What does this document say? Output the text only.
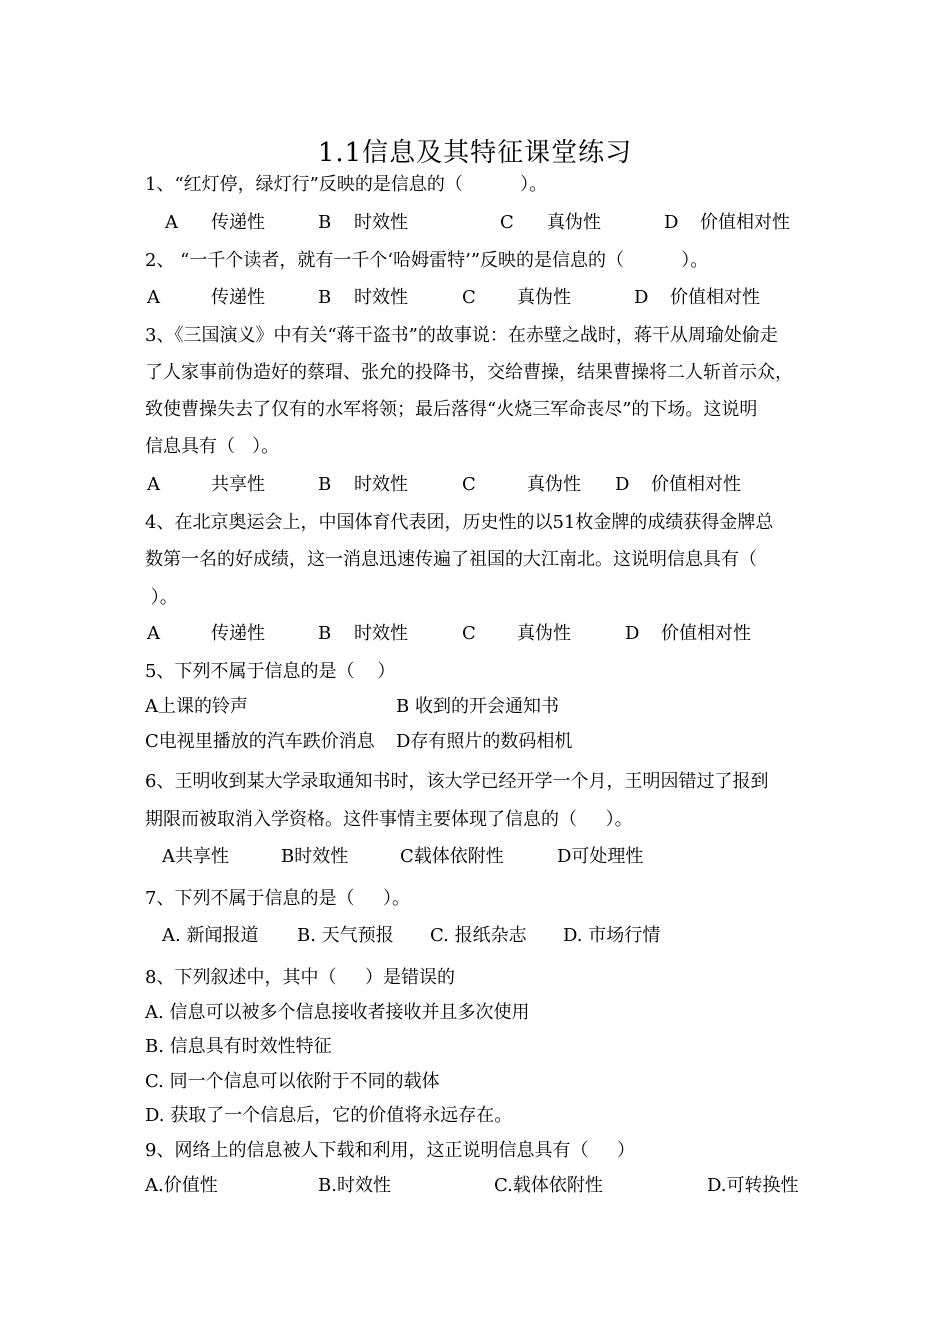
1.1信息及其特征课堂练习
1、“红灯停，绿灯行”反映的是信息的（          ）。
A 传递性	B 时效性	C 真伪性	D 价值相对性
2、 “一千个读者，就有一千个‘哈姆雷特’”反映的是信息的（          ）。
A	传递性	B 时效性	C 真伪性	D 价值相对性
3、《三国演义》中有关“蒋干盗书”的故事说：在赤壁之战时，蒋干从周瑜处偷走
了人家事前伪造好的蔡瑁、张允的投降书，交给曹操，结果曹操将二人斩首示众，
致使曹操失去了仅有的水军将领；最后落得“火烧三军命丧尽”的下场。这说明
信息具有（   ）。
A	共享性	B 时效性	C	真伪性 D 价值相对性
4、在北京奥运会上，中国体育代表团，历史性的以51枚金牌的成绩获得金牌总
数第一名的好成绩，这一消息迅速传遍了祖国的大江南北。这说明信息具有（
）。
A	传递性	B 时效性	C 真伪性	D 价值相对性
5、下列不属于信息的是（    ）
A上课的铃声	B 收到的开会通知书
C电视里播放的汽车跌价消息 D存有照片的数码相机
6、王明收到某大学录取通知书时，该大学已经开学一个月，王明因错过了报到
期限而被取消入学资格。这件事情主要体现了信息的（     ）。
A共享性	B时效性	C载体依附性	D可处理性
7、下列不属于信息的是（     ）。
A. 新闻报道 B. 天气预报 C. 报纸杂志 D. 市场行情
8、下列叙述中，其中（     ）是错误的
A. 信息可以被多个信息接收者接收并且多次使用
B. 信息具有时效性特征
C. 同一个信息可以依附于不同的载体
D. 获取了一个信息后，它的价值将永远存在。
9、网络上的信息被人下载和利用，这正说明信息具有（     ）
A.价值性	B.时效性	C.载体依附性	D.可转换性
